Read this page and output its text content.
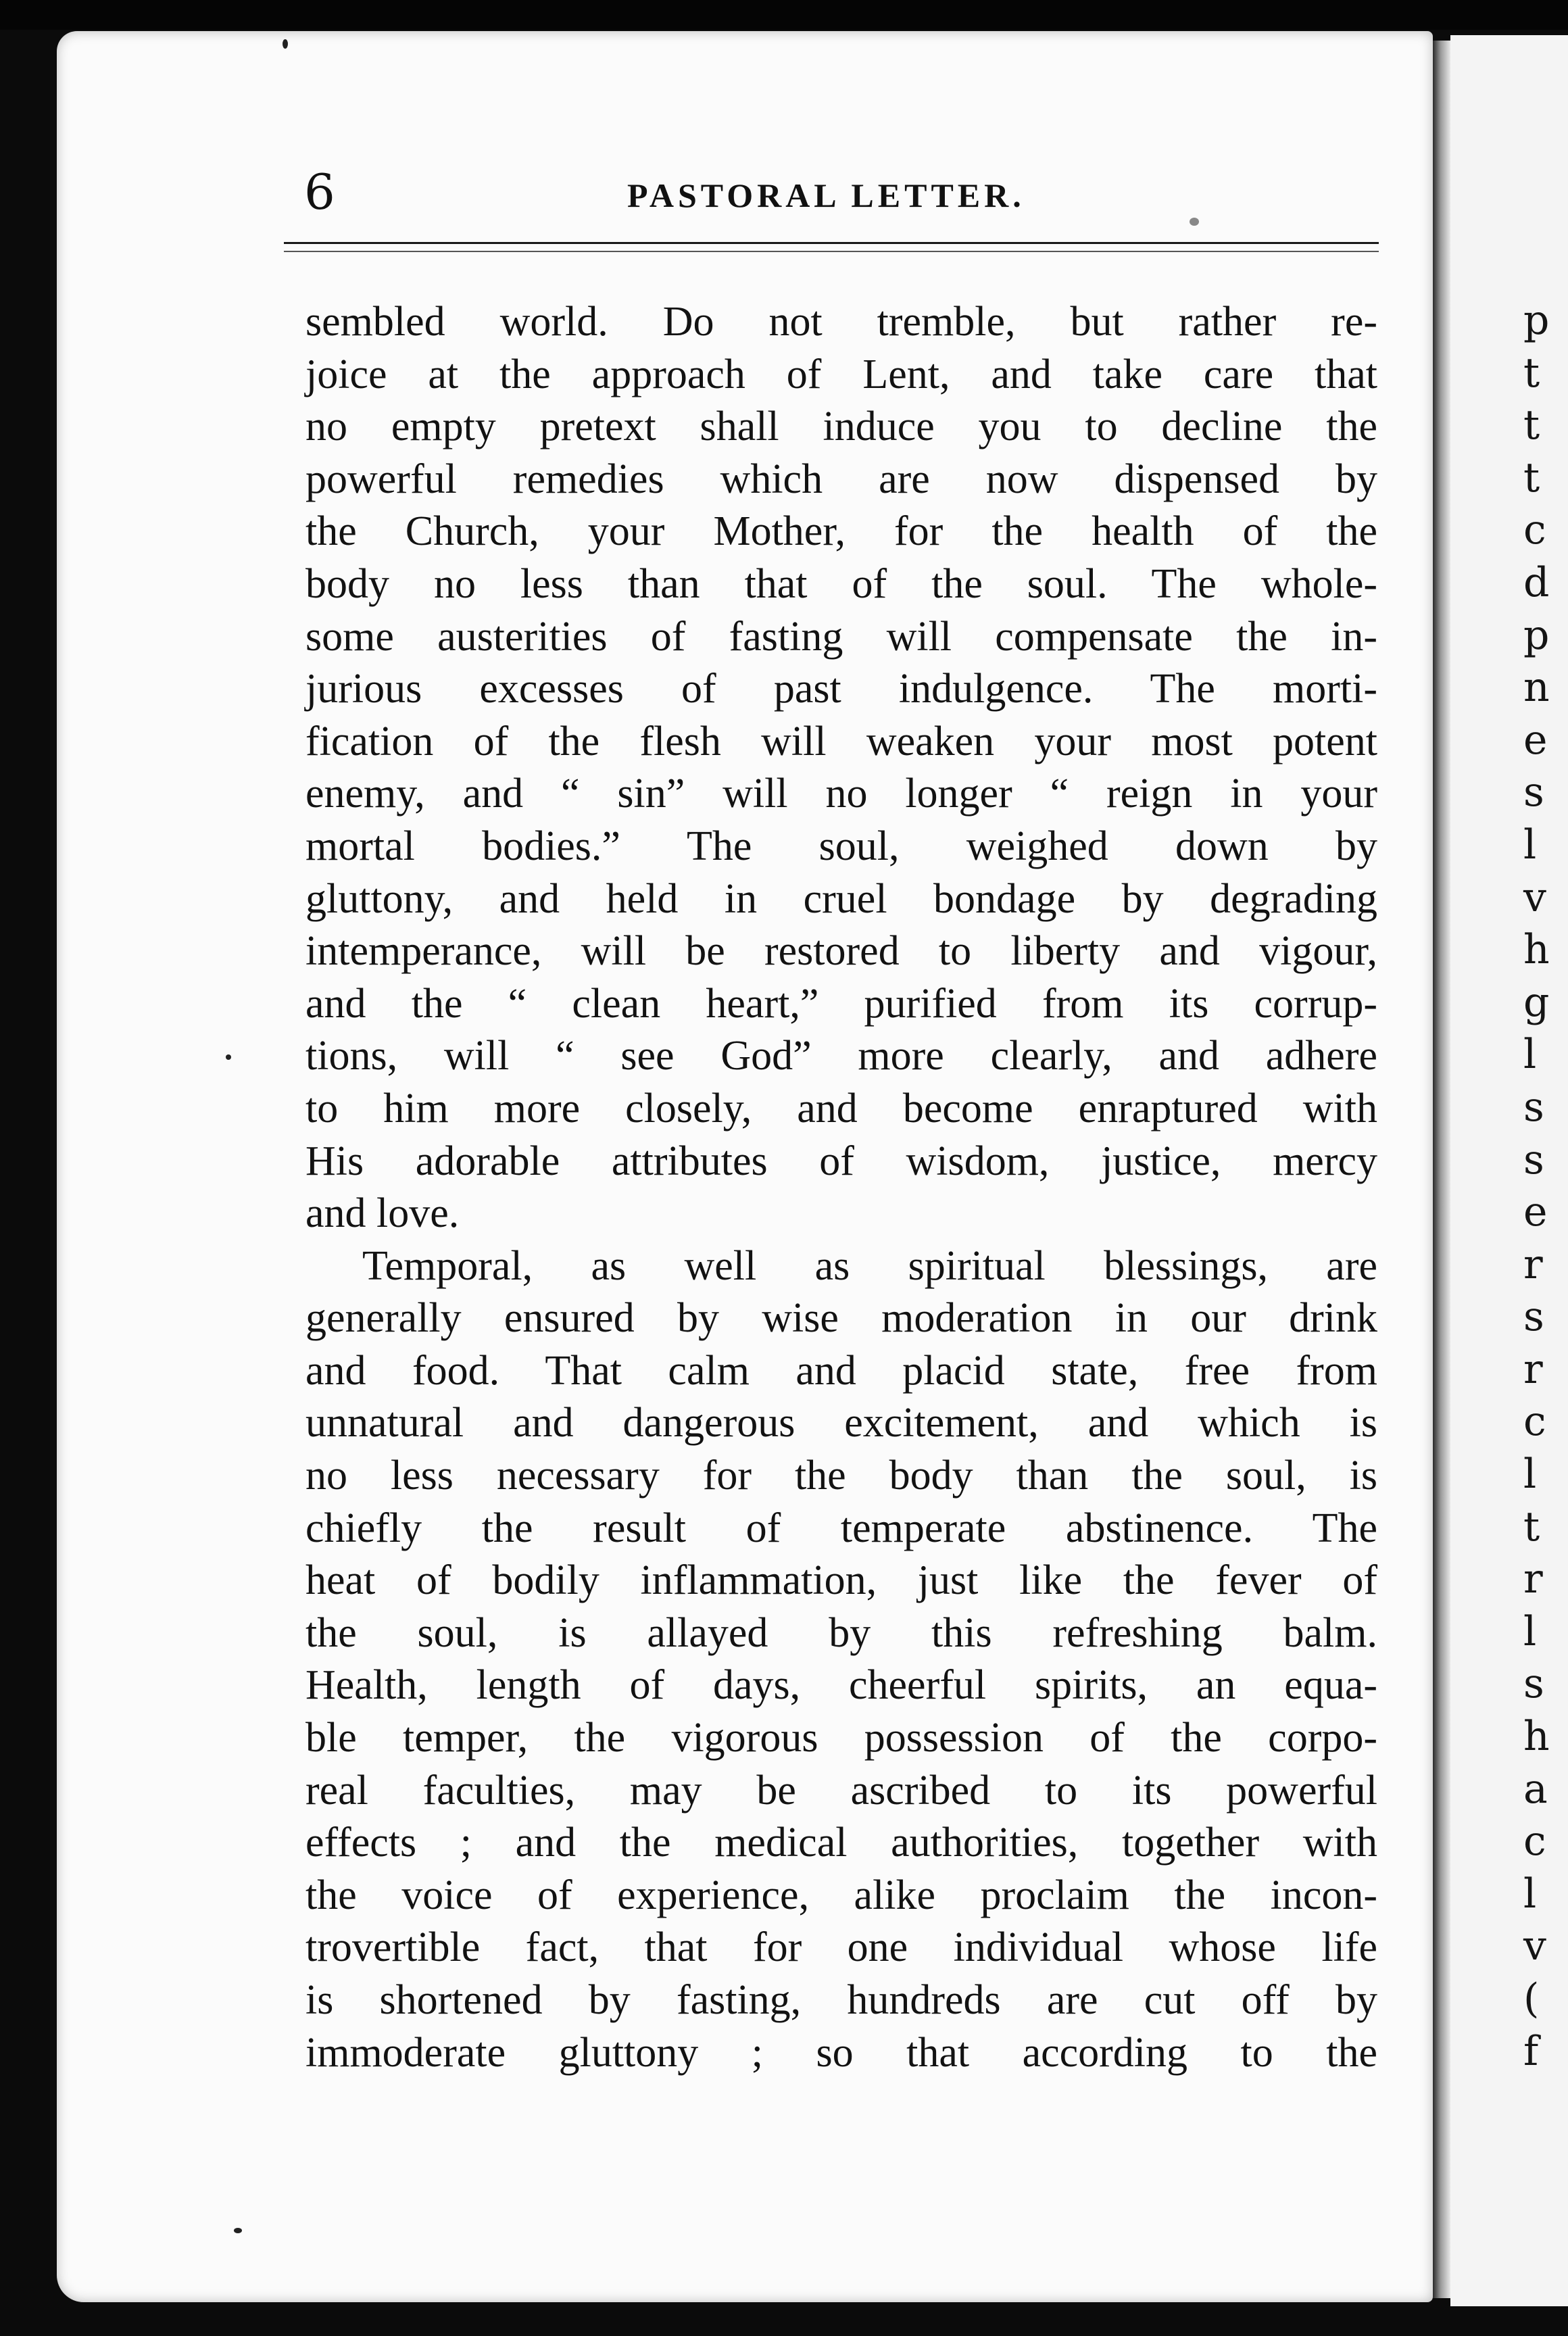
p
t
t
t
c
d
p
n
e
s
l
v
h
g
l
s
s
e
r
s
r
c
l
t
r
l
s
h
a
c
l
v
(
f
6	PASTORAL LETTER.
sembled world. Do not tremble, but rather re-
joice at the approach of Lent, and take care that
no empty pretext shall induce you to decline the
powerful remedies which are now dispensed by
the Church, your Mother, for the health of the
body no less than that of the soul. The whole-
some austerities of fasting will compensate the in-
jurious excesses of past indulgence. The morti-
fication of the flesh will weaken your most potent
enemy, and “ sin” will no longer “ reign in your
mortal bodies.” The soul, weighed down by
gluttony, and held in cruel bondage by degrading
intemperance, will be restored to liberty and vigour,
and the “ clean heart,” purified from its corrup-
tions, will “ see God” more clearly, and adhere
to him more closely, and become enraptured with
His adorable attributes of wisdom, justice, mercy
and love.
Temporal, as well as spiritual blessings, are
generally ensured by wise moderation in our drink
and food. That calm and placid state, free from
unnatural and dangerous excitement, and which is
no less necessary for the body than the soul, is
chiefly the result of temperate abstinence. The
heat of bodily inflammation, just like the fever of
the soul, is allayed by this refreshing balm.
Health, length of days, cheerful spirits, an equa-
ble temper, the vigorous possession of the corpo-
real faculties, may be ascribed to its powerful
effects ; and the medical authorities, together with
the voice of experience, alike proclaim the incon-
trovertible fact, that for one individual whose life
is shortened by fasting, hundreds are cut off by
immoderate gluttony ; so that according to the
